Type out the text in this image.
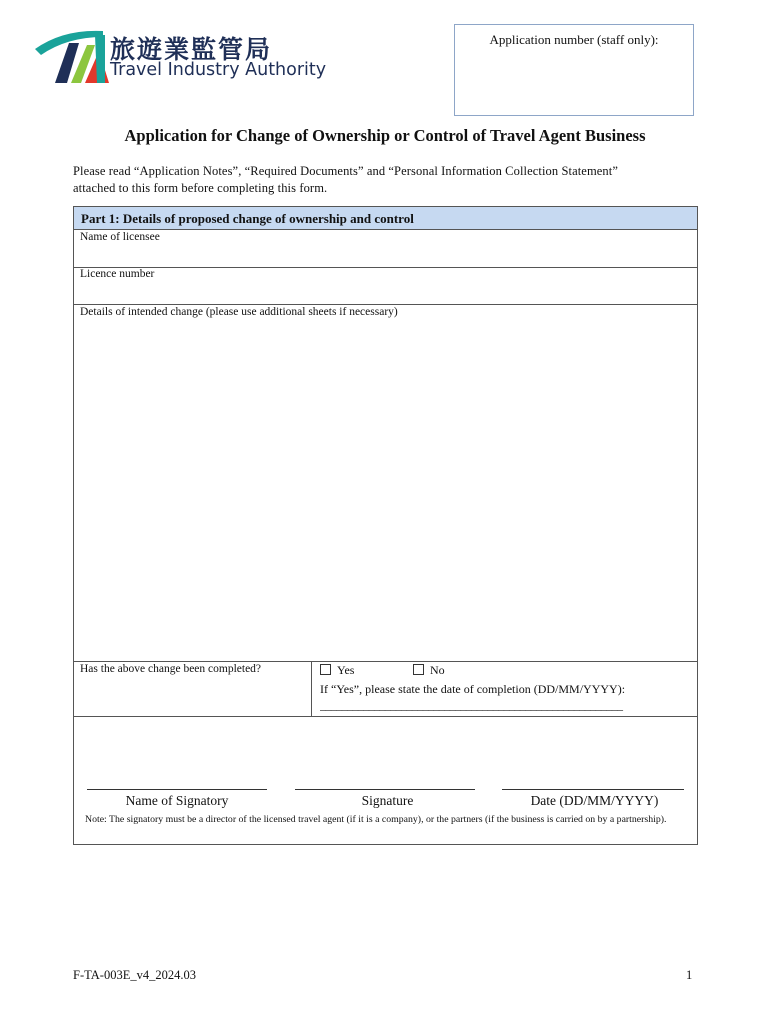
旅遊業監管局
Travel Industry Authority
Application number (staff only):
Application for Change of Ownership or Control of Travel Agent Business
Please read “Application Notes”, “Required Documents” and “Personal Information Collection Statement”
attached to this form before completing this form.
Part 1: Details of proposed change of ownership and control
Name of licensee
Licence number
Details of intended change (please use additional sheets if necessary)
Has the above change been completed?	Yes	No
If “Yes”, please state the date of completion (DD/MM/YYYY):
________________________________________________________
Name of Signatory	Signature	Date (DD/MM/YYYY)
Note: The signatory must be a director of the licensed travel agent (if it is a company), or the partners (if the business is carried on by a partnership).
F-TA-003E_v4_2024.03	1
